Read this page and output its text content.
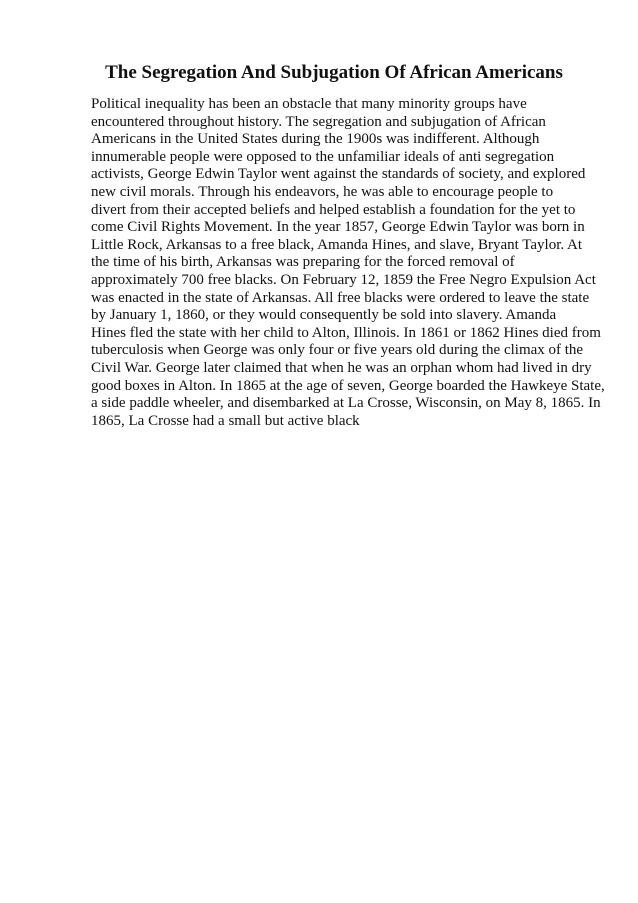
The Segregation And Subjugation Of African Americans

Political inequality has been an obstacle that many minority groups have
encountered throughout history. The segregation and subjugation of African
Americans in the United States during the 1900s was indifferent. Although
innumerable people were opposed to the unfamiliar ideals of anti segregation
activists, George Edwin Taylor went against the standards of society, and explored
new civil morals. Through his endeavors, he was able to encourage people to
divert from their accepted beliefs and helped establish a foundation for the yet to
come Civil Rights Movement. In the year 1857, George Edwin Taylor was born in
Little Rock, Arkansas to a free black, Amanda Hines, and slave, Bryant Taylor. At
the time of his birth, Arkansas was preparing for the forced removal of
approximately 700 free blacks. On February 12, 1859 the Free Negro Expulsion Act
was enacted in the state of Arkansas. All free blacks were ordered to leave the state
by January 1, 1860, or they would consequently be sold into slavery. Amanda
Hines fled the state with her child to Alton, Illinois. In 1861 or 1862 Hines died from
tuberculosis when George was only four or five years old during the climax of the
Civil War. George later claimed that when he was an orphan whom had lived in dry
good boxes in Alton. In 1865 at the age of seven, George boarded the Hawkeye State,
a side paddle wheeler, and disembarked at La Crosse, Wisconsin, on May 8, 1865. In
1865, La Crosse had a small but active black
